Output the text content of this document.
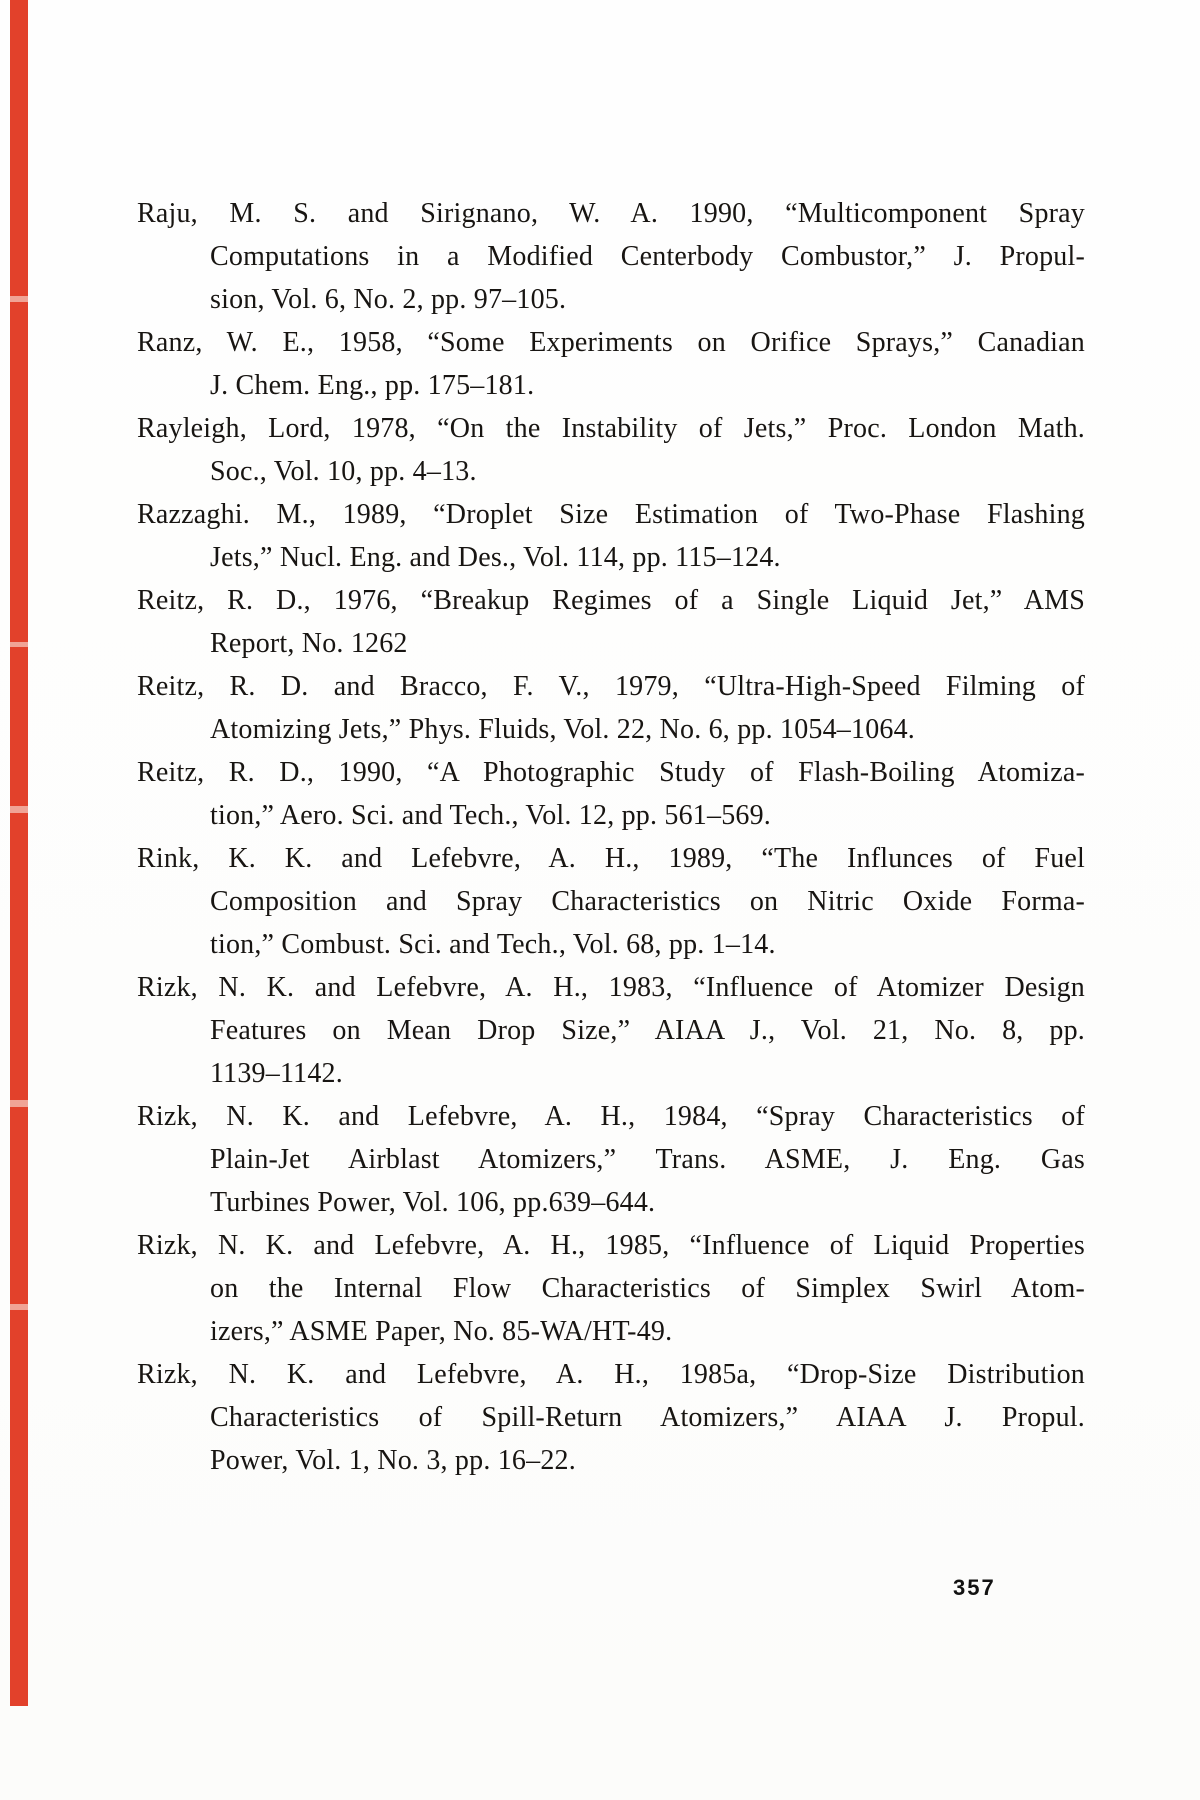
Raju, M. S. and Sirignano, W. A. 1990, “Multicomponent Spray
Computations in a Modified Centerbody Combustor,” J. Propul-
sion, Vol. 6, No. 2, pp. 97–105.
Ranz, W. E., 1958, “Some Experiments on Orifice Sprays,” Canadian
J. Chem. Eng., pp. 175–181.
Rayleigh, Lord, 1978, “On the Instability of Jets,” Proc. London Math.
Soc., Vol. 10, pp. 4–13.
Razzaghi. M., 1989, “Droplet Size Estimation of Two-Phase Flashing
Jets,” Nucl. Eng. and Des., Vol. 114, pp. 115–124.
Reitz, R. D., 1976, “Breakup Regimes of a Single Liquid Jet,” AMS
Report, No. 1262
Reitz, R. D. and Bracco, F. V., 1979, “Ultra-High-Speed Filming of
Atomizing Jets,” Phys. Fluids, Vol. 22, No. 6, pp. 1054–1064.
Reitz, R. D., 1990, “A Photographic Study of Flash-Boiling Atomiza-
tion,” Aero. Sci. and Tech., Vol. 12, pp. 561–569.
Rink, K. K. and Lefebvre, A. H., 1989, “The Influnces of Fuel
Composition and Spray Characteristics on Nitric Oxide Forma-
tion,” Combust. Sci. and Tech., Vol. 68, pp. 1–14.
Rizk, N. K. and Lefebvre, A. H., 1983, “Influence of Atomizer Design
Features on Mean Drop Size,” AIAA J., Vol. 21, No. 8, pp.
1139–1142.
Rizk, N. K. and Lefebvre, A. H., 1984, “Spray Characteristics of
Plain-Jet Airblast Atomizers,” Trans. ASME, J. Eng. Gas
Turbines Power, Vol. 106, pp.639–644.
Rizk, N. K. and Lefebvre, A. H., 1985, “Influence of Liquid Properties
on the Internal Flow Characteristics of Simplex Swirl Atom-
izers,” ASME Paper, No. 85-WA/HT-49.
Rizk, N. K. and Lefebvre, A. H., 1985a, “Drop-Size Distribution
Characteristics of Spill-Return Atomizers,” AIAA J. Propul.
Power, Vol. 1, No. 3, pp. 16–22.
357
